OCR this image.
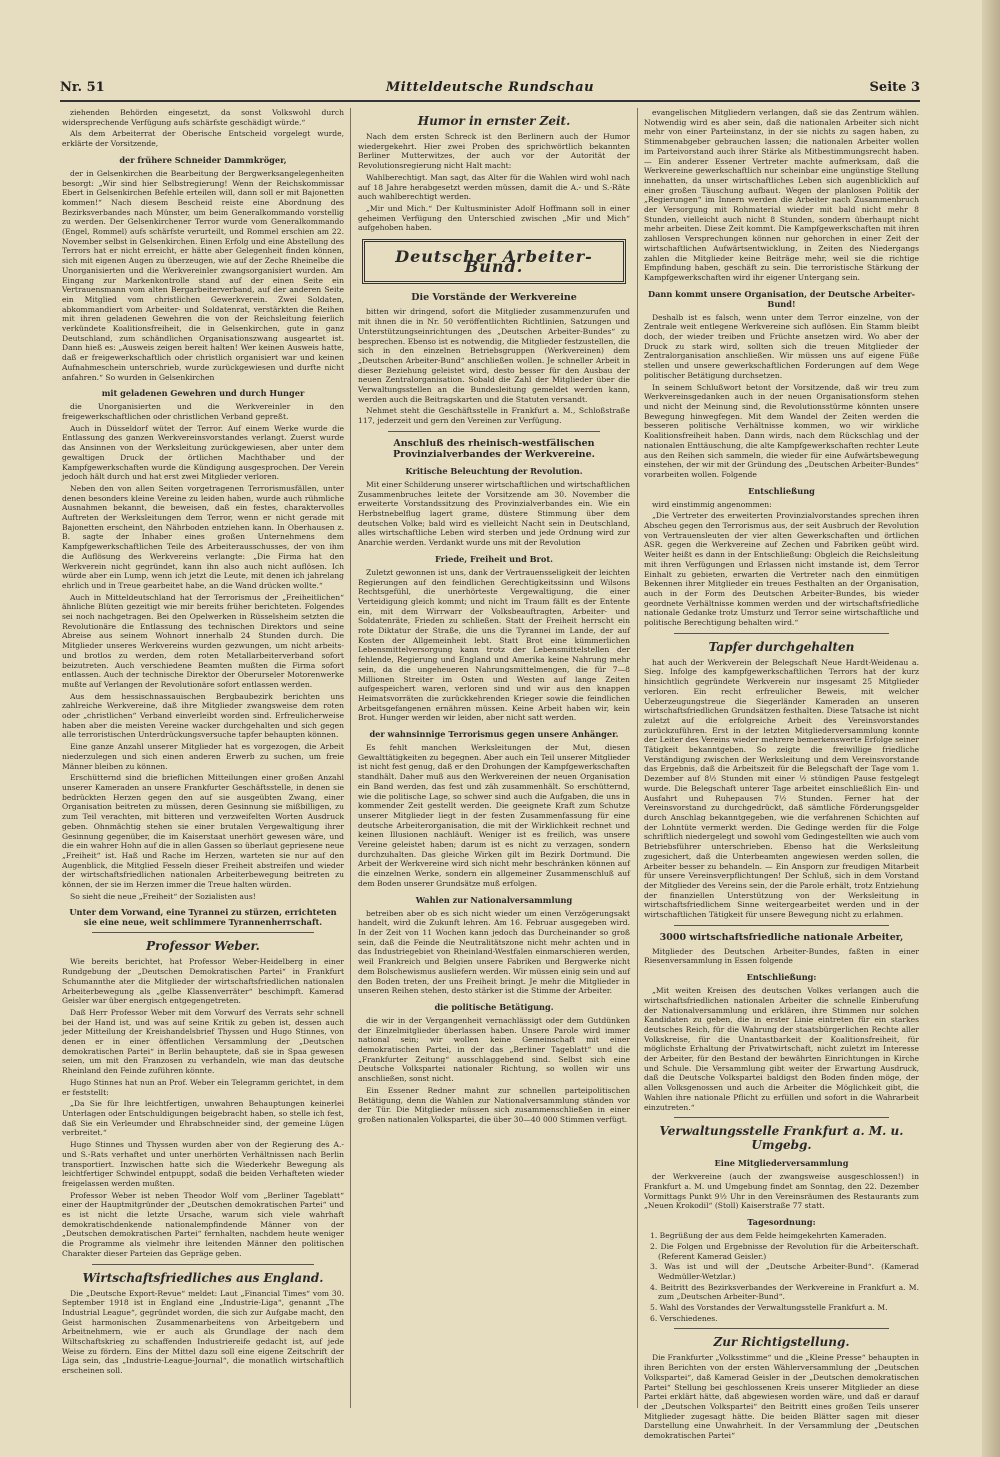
Nr. 51	Mitteldeutsche Rundschau	Seite 3

ziehenden Behörden eingesetzt, da sonst Volkswohl durch widersprechende Verfügung aufs schärfste geschädigt würde.“

Als dem Arbeiterrat der Oberische Entscheid vorgelegt wurde, erklärte der Vorsitzende,

der frühere Schneider Dammkröger,

der in Gelsenkirchen die Bearbeitung der Bergwerksangelegenheiten besorgt: „Wir sind hier Selbstregierung! Wenn der Reichskommissar Ebert in Gelsenkirchen Befehle erteilen will, dann soll er mit Bajonetten kommen!“ Nach diesem Bescheid reiste eine Abordnung des Bezirksverbandes nach Münster, um beim Generalkommando vorstellig zu werden. Der Gelsenkirchener Terror wurde vom Generalkommando (Engel, Rommel) aufs schärfste verurteilt, und Rommel erschien am 22. November selbst in Gelsenkirchen. Einen Erfolg und eine Abstellung des Terrors hat er nicht erreicht, er hätte aber Gelegenheit finden können, sich mit eigenen Augen zu überzeugen, wie auf der Zeche Rheinelbe die Unorganisierten und die Werkvereinler zwangsorganisiert wurden. Am Eingang zur Markenkontrolle stand auf der einen Seite ein Vertrauensmann vom alten Bergarbeiterverband, auf der anderen Seite ein Mitglied vom christlichen Gewerkverein. Zwei Soldaten, abkommandiert vom Arbeiter- und Soldatenrat, verstärkten die Reihen mit ihren geladenen Gewehren die von der Reichsleitung feierlich verkündete Koalitionsfreiheit, die in Gelsenkirchen, gute in ganz Deutschland, zum schändlichen Organisationszwang ausgeartet ist. Dann hieß es: „Ausweis zeigen bereit halten! Wer keinen Ausweis hatte, daß er freigewerkschaftlich oder christlich organisiert war und keinen Aufnahmeschein unterschrieb, wurde zurückgewiesen und durfte nicht anfahren.“ So wurden in Gelsenkirchen

mit geladenen Gewehren und durch Hunger

die Unorganisierten und die Werkvereinler in den freigewerkschaftlichen oder christlichen Verband gepreßt.

Auch in Düsseldorf wütet der Terror. Auf einem Werke wurde die Entlassung des ganzen Werkvereinsvorstandes verlangt. Zuerst wurde das Ansinnen von der Werksleitung zurückgewiesen, aber unter dem gewaltigen Druck der örtlichen Machthaber und der Kampfgewerkschaften wurde die Kündigung ausgesprochen. Der Verein jedoch hält durch und hat erst zwei Mitglieder verloren.

Neben den von allen Seiten vorgetragenen Terrorismusfällen, unter denen besonders kleine Vereine zu leiden haben, wurde auch rühmliche Ausnahmen bekannt, die beweisen, daß ein festes, charaktervolles Auftreten der Werksleitungen dem Terror, wenn er nicht gerade mit Bajonetten erscheint, den Nährboden entziehen kann. In Oberhausen z. B. sagte der Inhaber eines großen Unternehmens dem Kampfgewerkschaftlichen Teile des Arbeiterausschusses, der von ihm die Auflösung des Werkvereins verlangte: „Die Firma hat den Werkverein nicht gegründet, kann ihn also auch nicht auflösen. Ich würde aber ein Lump, wenn ich jetzt die Leute, mit denen ich jahrelang ehrlich und in Treue gearbeitet habe, an die Wand drücken wollte.“

Auch in Mitteldeutschland hat der Terrorismus der „Freiheitlichen“ ähnliche Blüten gezeitigt wie mir bereits früher berichteten. Folgendes sei noch nachgetragen. Bei den Opelwerken in Rüsselsheim setzten die Revolutionäre die Entlassung des technischen Direktors und seine Abreise aus seinem Wohnort innerhalb 24 Stunden durch. Die Mitglieder unseres Werkvereins wurden gezwungen, um nicht arbeits- und brotlos zu werden, dem roten Metallarbeiterverband sofort beizutreten. Auch verschiedene Beamten mußten die Firma sofort entlassen. Auch der technische Direktor der Oberurseler Motorenwerke mußte auf Verlangen der Revolutionäre sofort entlassen werden.

Aus dem hessischnassauischen Bergbaubezirk berichten uns zahlreiche Werkvereine, daß ihre Mitglieder zwangsweise dem roten oder „christlichen“ Verband einverleibt worden sind. Erfreulicherweise haben aber die meisten Vereine wacker durchgehalten und sich gegen alle terroristischen Unterdrückungsversuche tapfer behaupten können.

Eine ganze Anzahl unserer Mitglieder hat es vorgezogen, die Arbeit niederzulegen und sich einen anderen Erwerb zu suchen, um freie Männer bleiben zu können.

Erschütternd sind die brieflichen Mitteilungen einer großen Anzahl unserer Kameraden an unsere Frankfurter Geschäftsstelle, in denen sie bedrückten Herzen gegen den auf sie ausgeübten Zwang, einer Organisation beitreten zu müssen, deren Gesinnung sie mißbilligen, zu zum Teil verachten, mit bitteren und verzweifelten Worten Ausdruck geben. Ohnmächtig stehen sie einer brutalen Vergewaltigung ihrer Gesinnung gegenüber, die im Kaiserstaat unerhört gewesen wäre, und die ein wahrer Hohn auf die in allen Gassen so überlaut gepriesene neue „Freiheit“ ist. Haß und Rache im Herzen, warteten sie nur auf den Augenblick, die Mitglied Fesseln dieser Freiheit abstreifen und wieder der wirtschaftsfriedlichen nationalen Arbeiterbewegung beitreten zu können, der sie im Herzen immer die Treue halten würden.

So sieht die neue „Freiheit“ der Sozialisten aus!

Unter dem Vorwand, eine Tyrannei zu stürzen, errichteten sie eine neue, weit schlimmere Tyrannenherrschaft.

Professor Weber.

Wie bereits berichtet, hat Professor Weber-Heidelberg in einer Rundgebung der „Deutschen Demokratischen Partei“ in Frankfurt Schumannthe ater die Mitglieder der wirtschaftsfriedlichen nationalen Arbeiterbewegung als „gelbe Klassenverräter“ beschimpft. Kamerad Geisler war über energisch entgegengetreten.

Daß Herr Professor Weber mit dem Vorwurf des Verrats sehr schnell bei der Hand ist, und was auf seine Kritik zu geben ist, dessen auch jeder Mitteilung der Kreishandelsbrief Thyssen und Hugo Stinnes, von denen er in einer öffentlichen Versammlung der „Deutschen demokratischen Partei“ in Berlin behauptete, daß sie in Spaa gewesen seien, um mit den Franzosen zu verhandeln, wie man das deutsche Rheinland den Feinde zuführen könnte.

Hugo Stinnes hat nun an Prof. Weber ein Telegramm gerichtet, in dem er feststellt:

„Da Sie für Ihre leichtfertigen, unwahren Behauptungen keinerlei Unterlagen oder Entschuldigungen beigebracht haben, so stelle ich fest, daß Sie ein Verleumder und Ehrabschneider sind, der gemeine Lügen verbreitet.“

Hugo Stinnes und Thyssen wurden aber von der Regierung des A.- und S.-Rats verhaftet und unter unerhörten Verhältnissen nach Berlin transportiert. Inzwischen hatte sich die Wiederkehr Bewegung als leichtfertiger Schwindel entpuppt, sodaß die beiden Verhafteten wieder freigelassen werden mußten.

Professor Weber ist neben Theodor Wolf vom „Berliner Tageblatt“ einer der Hauptmitgründer der „Deutschen demokratischen Partei“ und es ist nicht die letzte Ursache, warum sich viele wahrhaft demokratischdenkende nationalempfindende Männer von der „Deutschen demokratischen Partei“ fernhalten, nachdem heute weniger die Programme als vielmehr ihre leitenden Männer den politischen Charakter dieser Parteien das Gepräge geben.

Wirtschaftsfriedliches aus England.

Die „Deutsche Export-Revue“ meldet: Laut „Financial Times“ vom 30. September 1918 ist in England eine „Industrie-Liga“, genannt „The Industrial League“, gegründet worden, die sich zur Aufgabe macht, den Geist harmonischen Zusammenarbeitens von Arbeitgebern und Arbeitnehmern, wie er auch als Grundlage der nach dem Wiltschaftskrieg zu schaffenden Industriereife gedacht ist, auf jede Weise zu fördern. Eins der Mittel dazu soll eine eigene Zeitschrift der Liga sein, das „Industrie-League-Journal“, die monatlich wirtschaftlich erscheinen soll.

Humor in ernster Zeit.

Nach dem ersten Schreck ist den Berlinern auch der Humor wiedergekehrt. Hier zwei Proben des sprichwörtlich bekannten Berliner Mutterwitzes, der auch vor der Autorität der Revolutionsregierung nicht Halt macht:

Wahlberechtigt. Man sagt, das Alter für die Wahlen wird wohl nach auf 18 Jahre herabgesetzt werden müssen, damit die A.- und S.-Räte auch wahlberechtigt werden.

„Mir und Mich.“ Der Kultusminister Adolf Hoffmann soll in einer geheimen Verfügung den Unterschied zwischen „Mir und Mich“ aufgehoben haben.

Deutscher Arbeiter-Bund.

Die Vorstände der Werkvereine

bitten wir dringend, sofort die Mitglieder zusammenzurufen und mit ihnen die in Nr. 50 veröffentlichten Richtlinien, Satzungen und Unterstützungseinrichtungen des „Deutschen Arbeiter-Bundes“ zu besprechen. Ebenso ist es notwendig, die Mitglieder festzustellen, die sich in den einzelnen Betriebsgruppen (Werkvereinen) dem „Deutschen Arbeiter-Bund“ anschließen wollen. Je schneller Arbeit in dieser Beziehung geleistet wird, desto besser für den Ausbau der neuen Zentralorganisation. Sobald die Zahl der Mitglieder über die Verwaltungsstellen an die Bundesleitung gemeldet werden kann, werden auch die Beitragskarten und die Statuten versandt.

Nehmet steht die Geschäftsstelle in Frankfurt a. M., Schloßstraße 117, jederzeit und gern den Vereinen zur Verfügung.

Anschluß des rheinisch-westfälischen Provinzialverbandes der Werkvereine.

Kritische Beleuchtung der Revolution.

Mit einer Schilderung unserer wirtschaftlichen und wirtschaftlichen Zusammenbruches leitete der Vorsitzende am 30. November die erweiterte Vorstandssitzung des Provinzialverbandes ein. Wie ein Herbstnebelflug lagert grame, düstere Stimmung über dem deutschen Volke; bald wird es vielleicht Nacht sein in Deutschland, alles wirtschaftliche Leben wird sterben und jede Ordnung wird zur Anarchie werden. Verdankt wurde uns mit der Revolution

Friede, Freiheit und Brot.

Zuletzt gewonnen ist uns, dank der Vertrauensseligkeit der leichten Regierungen auf den feindlichen Gerechtigkeitssinn und Wilsons Rechtsgefühl, die unerhörteste Vergewaltigung, die einer Verteidigung gleich kommt; und nicht im Traum fällt es der Entente ein, mit dem Wirrwarr der Volksbeauftragten, Arbeiter- und Soldatenräte, Frieden zu schließen. Statt der Freiheit herrscht ein rote Diktatur der Straße, die uns die Tyrannei im Lande, der auf Kosten der Allgemeinheit lebt. Statt Brot eine kümmerlichen Lebensmittelversorgung kann trotz der Lebensmittelstellen der fehlende, Regierung und England und Amerika keine Nahrung mehr sein, da die ungeheueren Nahrungsmittelmengen, die für 7—8 Millionen Streiter im Osten und Westen auf lange Zeiten aufgespeichert waren, verloren sind und wir aus den knappen Heimatsvorräten die zurückkehrenden Krieger sowie die feindlichen Arbeitsgefangenen ernähren müssen. Keine Arbeit haben wir, kein Brot. Hunger werden wir leiden, aber nicht satt werden.

der wahnsinnige Terrorismus gegen unsere Anhänger.

Es fehlt manchen Werksleitungen der Mut, diesen Gewalttätigkeiten zu begegnen. Aber auch ein Teil unserer Mitglieder ist nicht fest genug, daß er den Drohungen der Kampfgewerkschaften standhält. Daher muß aus den Werkvereinen der neuen Organisation ein Band werden, das fest und zäh zusammenhält. So erschütternd, wie die politische Lage, so schwer sind auch die Aufgaben, die uns in kommender Zeit gestellt werden. Die geeignete Kraft zum Schutze unserer Mitglieder liegt in der festen Zusammenfassung für eine deutsche Arbeiterorganisation, die mit der Wirklichkeit rechnet und keinen Illusionen nachläuft. Weniger ist es freilich, was unsere Vereine geleistet haben; darum ist es nicht zu verzagen, sondern durchzuhalten. Das gleiche Wirken gilt im Bezirk Dortmund. Die Arbeit der Werkvereine wird sich nicht mehr beschränken können auf die einzelnen Werke, sondern ein allgemeiner Zusammenschluß auf dem Boden unserer Grundsätze muß erfolgen.

Wahlen zur Nationalversammlung

betreiben aber ob es sich nicht wieder um einen Verzögerungsakt handelt, wird die Zukunft lehren. Am 16. Februar ausgegeben wird. In der Zeit von 11 Wochen kann jedoch das Durcheinander so groß sein, daß die Feinde die Neutralitätszone nicht mehr achten und in das Industriegebiet von Rheinland-Westfalen einmarschieren werden, weil Frankreich und Belgien unsere Fabriken und Bergwerke nicht dem Bolschewismus ausliefern werden. Wir müssen einig sein und auf den Boden treten, der uns Freiheit bringt. Je mehr die Mitglieder in unseren Reihen stehen, desto stärker ist die Stimme der Arbeiter.

die politische Betätigung.

die wir in der Vergangenheit vernachlässigt oder dem Gutdünken der Einzelmitglieder überlassen haben. Unsere Parole wird immer national sein; wir wollen keine Gemeinschaft mit einer demokratischen Partei, in der das „Berliner Tageblatt“ und die „Frankfurter Zeitung“ ausschlaggebend sind. Selbst sich eine Deutsche Volkspartei nationaler Richtung, so wollen wir uns anschließen, sonst nicht.

Ein Essener Redner mahnt zur schnellen parteipolitischen Betätigung, denn die Wahlen zur Nationalversammlung ständen vor der Tür. Die Mitglieder müssen sich zusammenschließen in einer großen nationalen Volkspartei, die über 30—40 000 Stimmen verfügt.

evangelischen Mitgliedern verlangen, daß sie das Zentrum wählen. Notwendig wird es aber sein, daß die nationalen Arbeiter sich nicht mehr von einer Parteiinstanz, in der sie nichts zu sagen haben, zu Stimmenabgeber gebrauchen lassen; die nationalen Arbeiter wollen im Parteivorstand auch ihrer Stärke als Mitbestimmungsrecht haben. — Ein anderer Essener Vertreter machte aufmerksam, daß die Werkvereine gewerkschaftlich nur scheinbar eine ungünstige Stellung innehatten, da unser wirtschaftliches Leben sich augenblicklich auf einer großen Täuschung aufbaut. Wegen der planlosen Politik der „Regierungen“ im Innern werden die Arbeiter nach Zusammenbruch der Versorgung mit Rohmaterial wieder mit bald nicht mehr 8 Stunden, vielleicht auch nicht 8 Stunden, sondern überhaupt nicht mehr arbeiten. Diese Zeit kommt. Die Kampfgewerkschaften mit ihren zahllosen Versprechungen können nur gehorchen in einer Zeit der wirtschaftlichen Aufwärtsentwicklung, in Zeiten des Niedergangs zahlen die Mitglieder keine Beiträge mehr, weil sie die richtige Empfindung haben, geschäft zu sein. Die terroristische Stärkung der Kampfgewerkschaften wird ihr eigener Untergang sein.

Dann kommt unsere Organisation, der Deutsche Arbeiter-Bund!

Deshalb ist es falsch, wenn unter dem Terror einzelne, von der Zentrale weit entlegene Werkvereine sich auflösen. Ein Stamm bleibt doch, der wieder treiben und Früchte ansetzen wird. Wo aber der Druck zu stark wird, sollten sich die treuen Mitglieder der Zentralorganisation anschließen. Wir müssen uns auf eigene Füße stellen und unsere gewerkschaftlichen Forderungen auf dem Wege politischer Betätigung durchsetzen.

In seinem Schlußwort betont der Vorsitzende, daß wir treu zum Werkvereinsgedanken auch in der neuen Organisationsform stehen und nicht der Meinung sind, die Revolutionsstürme könnten unsere Bewegung hinwegfegen. Mit dem Wandel der Zeiten werden die besseren politische Verhältnisse kommen, wo wir wirkliche Koalitionsfreiheit haben. Dann wirds, nach dem Rückschlag und der nationalen Enttäuschung, die alte Kampfgewerkschaften rechter Leute aus den Reihen sich sammeln, die wieder für eine Aufwärtsbewegung einstehen, der wir mit der Gründung des „Deutschen Arbeiter-Bundes“ vorarbeiten wollen. Folgende

Entschließung

wird einstimmig angenommen:

„Die Vertreter des erweiterten Provinzialvorstandes sprechen ihren Abscheu gegen den Terrorismus aus, der seit Ausbruch der Revolution von Vertrauensleuten der vier alten Gewerkschaften und örtlichen ASR. gegen die Werkvereine auf Zechen und Fabriken geübt wird. Weiter heißt es dann in der Entschließung: Obgleich die Reichsleitung mit ihren Verfügungen und Erlassen nicht imstande ist, dem Terror Einhalt zu gebieten, erwarten die Vertreter nach den einmütigen Bekennen ihrer Mitglieder ein treues Festhalten an der Organisation, auch in der Form des Deutschen Arbeiter-Bundes, bis wieder geordnete Verhältnisse kommen werden und der wirtschaftsfriedliche nationale Gedanke trotz Umsturz und Terror seine wirtschaftliche und politische Berechtigung behalten wird.“

Tapfer durchgehalten

hat auch der Werkverein der Belegschaft Neue Hardt-Weidenau a. Sieg. Infolge des kampfgewerkschaftlichen Terrors hat der kurz hinsichtlich gegründete Werkverein nur insgesamt 25 Mitglieder verloren. Ein recht erfreulicher Beweis, mit welcher Ueberzeugungstreue die Siegerländer Kameraden an unseren wirtschaftsfriedlichen Grundsätzen festhalten. Diese Tatsache ist nicht zuletzt auf die erfolgreiche Arbeit des Vereinsvorstandes zurückzuführen. Erst in der letzten Mitgliederversammlung konnte der Leiter des Vereins wieder mehrere bemerkenswerte Erfolge seiner Tätigkeit bekanntgeben. So zeigte die freiwillige friedliche Verständigung zwischen der Werksleitung und dem Vereinsvorstande das Ergebnis, daß die Arbeitszeit für die Belegschaft der Tage vom 1. Dezember auf 8½ Stunden mit einer ½ stündigen Pause festgelegt wurde. Die Belegschaft unterer Tage arbeitet einschließlich Ein- und Ausfahrt und Ruhepausen 7½ Stunden. Ferner hat der Vereinsvorstand zu durchgedrückt, daß sämtliche Förderungsgelder durch Anschlag bekanntgegeben, wie die verfahrenen Schichten auf der Lohntüte vermerkt werden. Die Gedinge werden für die Folge schriftlich niedergelegt und sowohl vom Gedingestellten wie auch vom Betriebsführer unterschrieben. Ebenso hat die Werksleitung zugesichert, daß die Unterbeamten angewiesen werden sollen, die Arbeiter besser zu behandeln. — Ein Ansporn zur freudigen Mitarbeit für unsere Vereinsverpflichtungen! Der Schluß, sich in dem Vorstand der Mitglieder des Vereins sein, der die Parole erhält, trotz Entziehung der finanziellen Unterstützung von der Werksleitung in wirtschaftsfriedlichem Sinne weitergearbeitet werden und in der wirtschaftlichen Tätigkeit für unsere Bewegung nicht zu erlahmen.

3000 wirtschaftsfriedliche nationale Arbeiter,

Mitglieder des Deutschen Arbeiter-Bundes, faßten in einer Riesenversammlung in Essen folgende

Entschließung:

„Mit weiten Kreisen des deutschen Volkes verlangen auch die wirtschaftsfriedlichen nationalen Arbeiter die schnelle Einberufung der Nationalversammlung und erklären, ihre Stimmen nur solchen Kandidaten zu geben, die in erster Linie eintreten für ein starkes deutsches Reich, für die Wahrung der staatsbürgerlichen Rechte aller Volkskreise, für die Unantastbarkeit der Koalitionsfreiheit, für möglichste Erhaltung der Privatwirtschaft, nicht zuletzt im Interesse der Arbeiter, für den Bestand der bewährten Einrichtungen in Kirche und Schule. Die Versammlung gibt weiter der Erwartung Ausdruck, daß die Deutsche Volkspartei baldigst den Boden finden möge, der allen Volksgenossen und auch die Arbeiter die Möglichkeit gibt, die Wahlen ihre nationale Pflicht zu erfüllen und sofort in die Wahrarbeit einzutreten.“

Verwaltungsstelle Frankfurt a. M. u. Umgebg.

Eine Mitgliederversammlung

der Werkvereine (auch der zwangsweise ausgeschlossen!) in Frankfurt a. M. und Umgebung findet am Sonntag, den 22. Dezember Vormittags Punkt 9½ Uhr in den Vereinsräumen des Restaurants zum „Neuen Krokodil“ (Stoll) Kaiserstraße 77 statt.

Tagesordnung:

1. Begrüßung der aus dem Felde heimgekehrten Kameraden.

2. Die Folgen und Ergebnisse der Revolution für die Arbeiterschaft. (Referent Kamerad Geisler.)

3. Was ist und will der „Deutsche Arbeiter-Bund“. (Kamerad Wedmüller-Wetzlar.)

4. Beitritt des Bezirksverbandes der Werkvereine in Frankfurt a. M. zum „Deutschen Arbeiter-Bund“.

5. Wahl des Vorstandes der Verwaltungsstelle Frankfurt a. M.

6. Verschiedenes.

Zur Richtigstellung.

Die Frankfurter „Volksstimme“ und die „Kleine Presse“ behaupten in ihren Berichten von der ersten Wählerversammlung der „Deutschen Volkspartei“, daß Kamerad Geisler in der „Deutschen demokratischen Partei“ Stellung bei geschlossenen Kreis unserer Mitglieder an diese Partei erklärt hätte, daß abgewiesen worden wäre, und daß er darauf der „Deutschen Volkspartei“ den Beitritt eines großen Teils unserer Mitglieder zugesagt hätte. Die beiden Blätter sagen mit dieser Darstellung eine Unwahrheit. In der Versammlung der „Deutschen demokratischen Partei“
